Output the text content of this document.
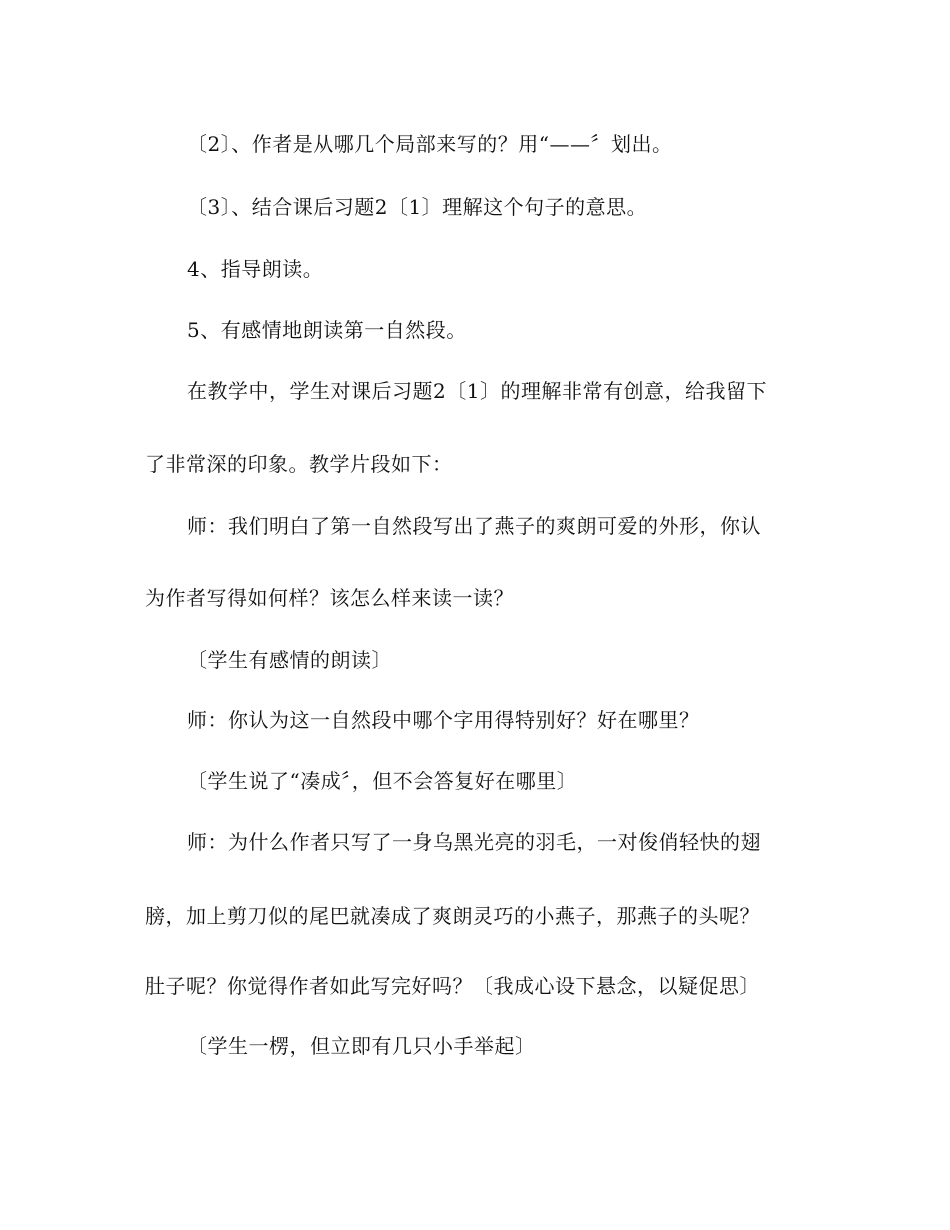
〔2〕、作者是从哪几个局部来写的？用“——〞划出。
〔3〕、结合课后习题2〔1〕理解这个句子的意思。
4、指导朗读。
5、有感情地朗读第一自然段。
在教学中，学生对课后习题2〔1〕的理解非常有创意，给我留下
了非常深的印象。教学片段如下：
师：我们明白了第一自然段写出了燕子的爽朗可爱的外形，你认
为作者写得如何样？该怎么样来读一读？
〔学生有感情的朗读〕
师：你认为这一自然段中哪个字用得特别好？好在哪里？
〔学生说了“凑成〞，但不会答复好在哪里〕
师：为什么作者只写了一身乌黑光亮的羽毛，一对俊俏轻快的翅
膀，加上剪刀似的尾巴就凑成了爽朗灵巧的小燕子，那燕子的头呢？
肚子呢？你觉得作者如此写完好吗？〔我成心设下悬念，以疑促思〕
〔学生一楞，但立即有几只小手举起〕
